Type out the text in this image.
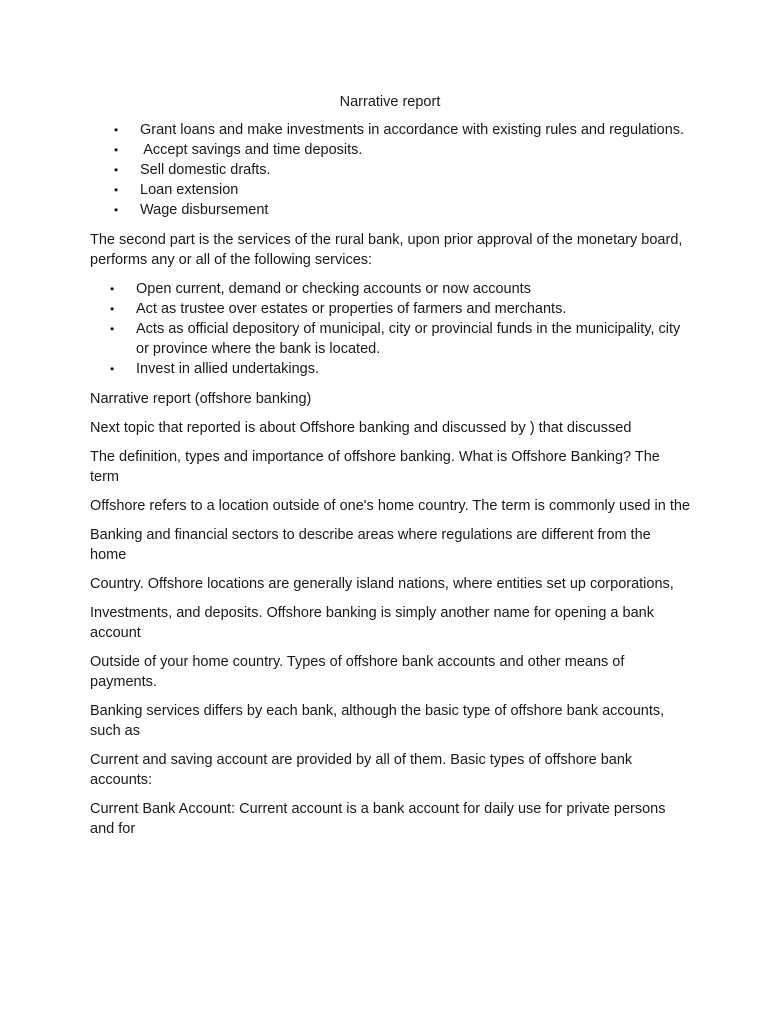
Narrative report
•	Grant loans and make investments in accordance with existing rules and regulations.
•	Accept savings and time deposits.
•	Sell domestic drafts.
•	Loan extension
•	Wage disbursement

The second part is the services of the rural bank, upon prior approval of the monetary board, performs any or all of the following services:

•	Open current, demand or checking accounts or now accounts
•	Act as trustee over estates or properties of farmers and merchants.
•	Acts as official depository of municipal, city or provincial funds in the municipality, city or province where the bank is located.
•	Invest in allied undertakings.

Narrative report (offshore banking)

Next topic that reported is about Offshore banking and discussed by ) that discussed

The definition, types and importance of offshore banking. What is Offshore Banking? The term

Offshore refers to a location outside of one's home country. The term is commonly used in the

Banking and financial sectors to describe areas where regulations are different from the home

Country. Offshore locations are generally island nations, where entities set up corporations,

Investments, and deposits. Offshore banking is simply another name for opening a bank account

Outside of your home country. Types of offshore bank accounts and other means of payments.

Banking services differs by each bank, although the basic type of offshore bank accounts, such as

Current and saving account are provided by all of them. Basic types of offshore bank accounts:

Current Bank Account: Current account is a bank account for daily use for private persons and for
